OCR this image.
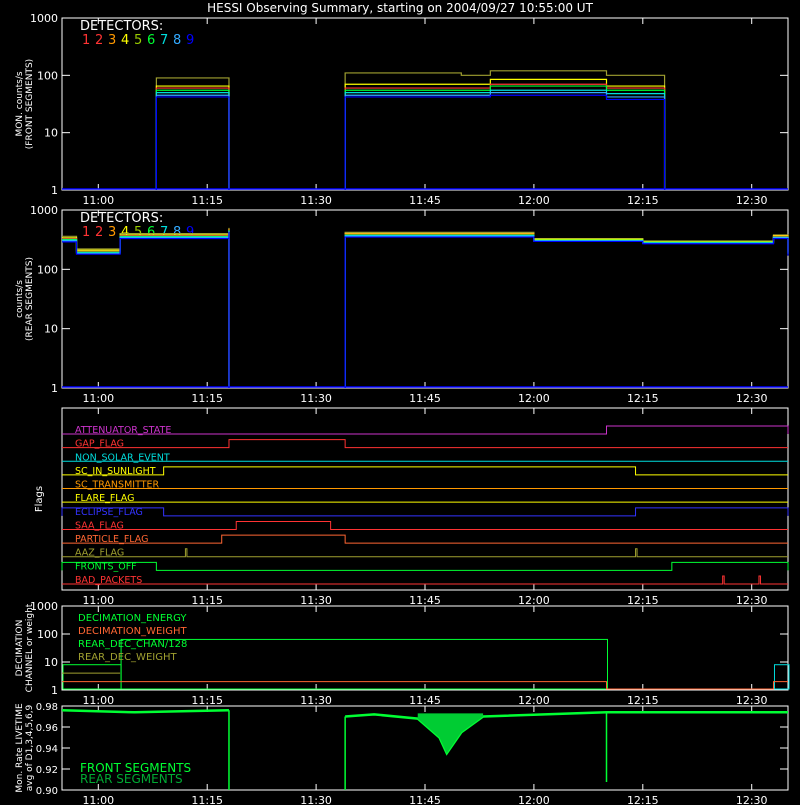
HESSI Observing Summary, starting on 2004/09/27 10:55:00 UT
11:00	11:15	11:30	11:45	12:00	12:15	12:30
1
10
100
1000
MON. counts/s (FRONT SEGMENTS)
DETECTORS:
1 2 3 4 5 6 7 8 9
11:00	11:15	11:30	11:45	12:00	12:15	12:30
1
10
100
1000
counts/s (REAR SEGMENTS)
DETECTORS:
1 2 3 4 5 6 7 8 9
11:00	11:15	11:30	11:45	12:00	12:15	12:30
Flags
ATTENUATOR_STATE
GAP_FLAG
NON_SOLAR_EVENT
SC_IN_SUNLIGHT
SC_TRANSMITTER
FLARE_FLAG
ECLIPSE_FLAG
SAA_FLAG
PARTICLE_FLAG
AAZ_FLAG
FRONTS_OFF
BAD_PACKETS
11:00	11:15	11:30	11:45	12:00	12:15	12:30
1
10
100
1000
DECIMATION CHANNEL or weight	DECIMATION_ENERGY
DECIMATION_WEIGHT
REAR_DEC_CHAN/128
REAR_DEC_WEIGHT
11:00	11:15	11:30	11:45	12:00	12:15	12:30
Mon. Rate LIVETIME avg of D1,3,4,5,6,9
0.90
0.92
0.94
0.96
0.98
FRONT SEGMENTS
REAR SEGMENTS
